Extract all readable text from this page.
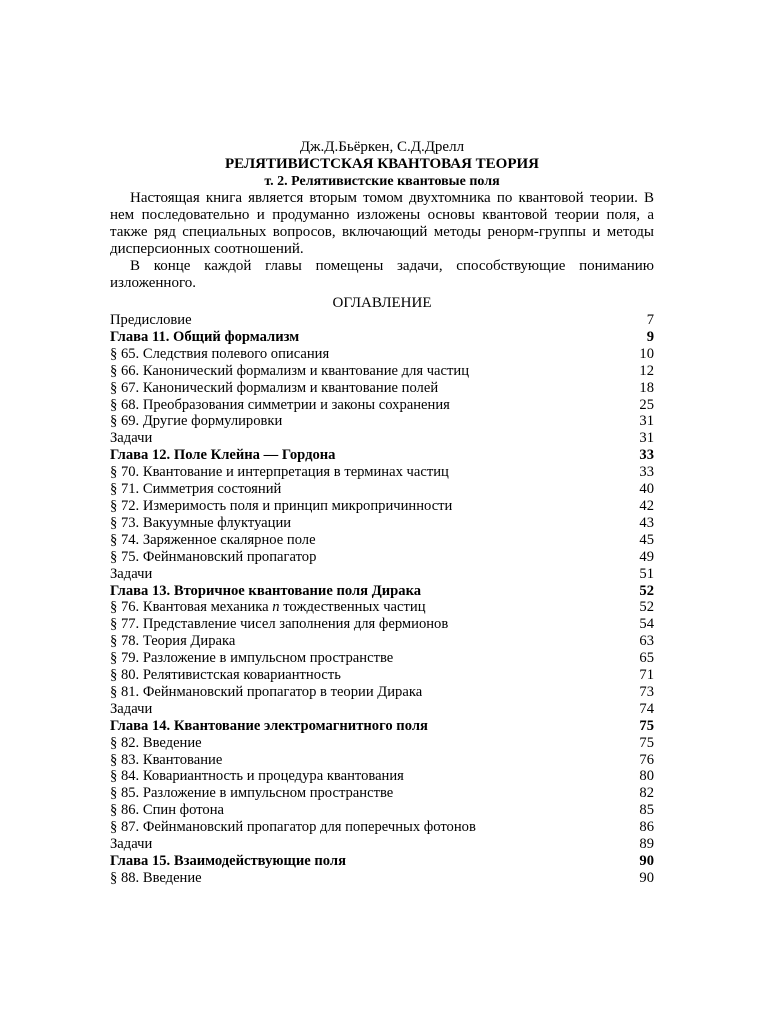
Дж.Д.Бьёркен, С.Д.Дрелл
РЕЛЯТИВИСТСКАЯ КВАНТОВАЯ ТЕОРИЯ
т. 2. Релятивистские квантовые поля

Настоящая книга является вторым томом двухтомника по квантовой теории. В нем последовательно и продуманно изложены основы квантовой теории поля, а также ряд специальных вопросов, включающий методы ренорм-группы и методы дисперсионных соотношений.

В конце каждой главы помещены задачи, способствующие пониманию изложенного.

ОГЛАВЛЕНИЕ
Предисловие	7
Глава 11. Общий формализм	9
§ 65. Следствия полевого описания	10
§ 66. Канонический формализм и квантование для частиц	12
§ 67. Канонический формализм и квантование полей	18
§ 68. Преобразования симметрии и законы сохранения	25
§ 69. Другие формулировки	31
Задачи	31
Глава 12. Поле Клейна — Гордона	33
§ 70. Квантование и интерпретация в терминах частиц	33
§ 71. Симметрия состояний	40
§ 72. Измеримость поля и принцип микропричинности	42
§ 73. Вакуумные флуктуации	43
§ 74. Заряженное скалярное поле	45
§ 75. Фейнмановский пропагатор	49
Задачи	51
Глава 13. Вторичное квантование поля Дирака	52
§ 76. Квантовая механика n тождественных частиц	52
§ 77. Представление чисел заполнения для фермионов	54
§ 78. Теория Дирака	63
§ 79. Разложение в импульсном пространстве	65
§ 80. Релятивистская ковариантность	71
§ 81. Фейнмановский пропагатор в теории Дирака	73
Задачи	74
Глава 14. Квантование электромагнитного поля	75
§ 82. Введение	75
§ 83. Квантование	76
§ 84. Ковариантность и процедура квантования	80
§ 85. Разложение в импульсном пространстве	82
§ 86. Спин фотона	85
§ 87. Фейнмановский пропагатор для поперечных фотонов	86
Задачи	89
Глава 15. Взаимодействующие поля	90
§ 88. Введение	90
